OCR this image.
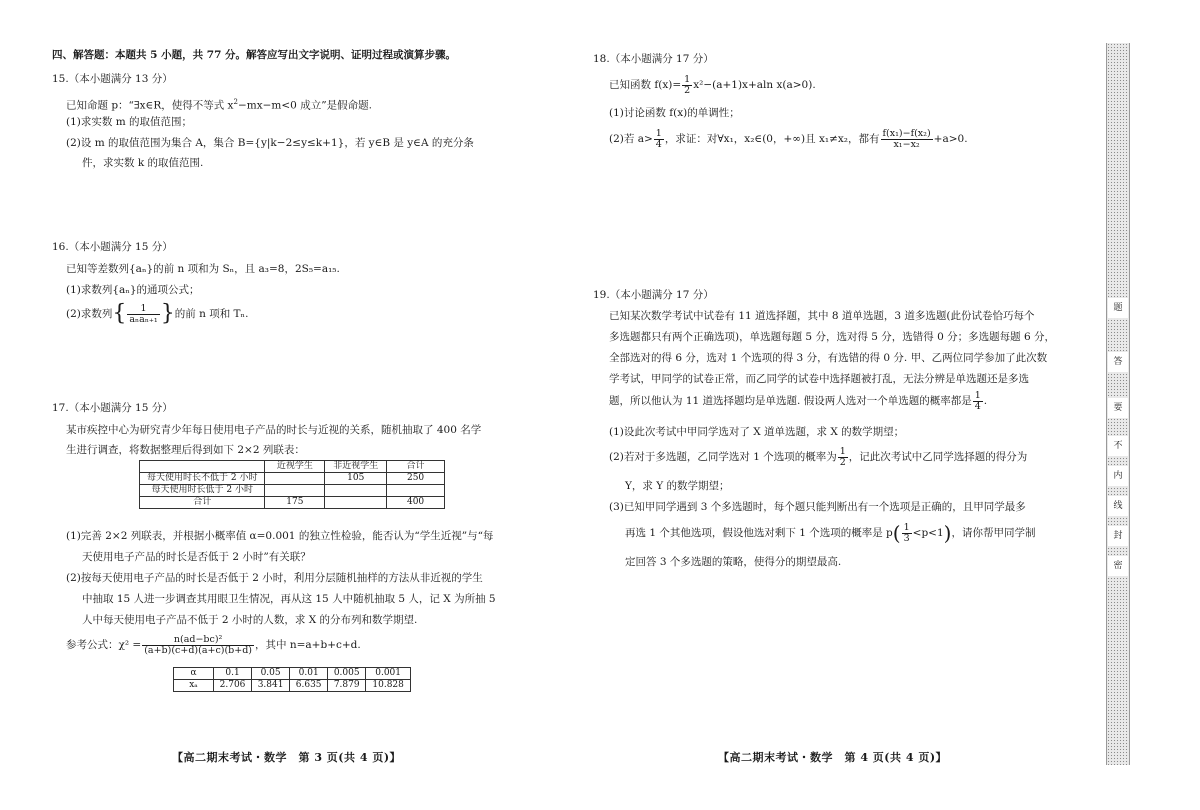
四、解答题：本题共 5 小题，共 77 分。解答应写出文字说明、证明过程或演算步骤。
15.（本小题满分 13 分）
已知命题 p：“∃x∈R，使得不等式 $x^2-mx-m<0$ 成立”是假命题.
(1)求实数 m 的取值范围；
(2)设 m 的取值范围为集合 A，集合 B={y|k−2≤y≤k+1}，若 y∈B 是 y∈A 的充分条
件，求实数 k 的取值范围.
16.（本小题满分 15 分）
已知等差数列{aₙ}的前 n 项和为 Sₙ，且 a₃=8，2S₅=a₁₅.
(1)求数列{aₙ}的通项公式；
(2)求数列{ $\frac{1}{\text{aₙaₙ₊₁}}$ }的前 n 项和 Tₙ.
17.（本小题满分 15 分）
某市疾控中心为研究青少年每日使用电子产品的时长与近视的关系，随机抽取了 400 名学
生进行调查，将数据整理后得到如下 2×2 列联表：
	近视学生	非近视学生	合计
每天使用时长不低于 2 小时		105	250
每天使用时长低于 2 小时			
合计	175		400
(1)完善 2×2 列联表，并根据小概率值 α=0.001 的独立性检验，能否认为“学生近视”与“每
天使用电子产品的时长是否低于 2 小时”有关联？
(2)按每天使用电子产品的时长是否低于 2 小时，利用分层随机抽样的方法从非近视的学生
中抽取 15 人进一步调查其用眼卫生情况，再从这 15 人中随机抽取 5 人，记 X 为所抽 5
人中每天使用电子产品不低于 2 小时的人数，求 X 的分布列和数学期望.
参考公式：$\chi^2 = \frac{\text{n(ad−bc)²}}{(a+b)(c+d)(a+c)(b+d)}$ ，其中 n=a+b+c+d.
α	0.1	0.05	0.01	0.005	0.001
xₐ	2.706	3.841	6.635	7.879	10.828
【高二期末考试・数学　第 3 页(共 4 页)】
18.（本小题满分 17 分）
已知函数 $f(x)= \frac{1}{2} x^2-(a+1)x+aln$ x(a>0).
(1)讨论函数 f(x)的单调性；
(2)若 $a> \frac{1}{4}$ ，求证：对∀x₁，x₂∈(0，+∞)且 x₁≠x₂，都有 $\frac{\text{f(x₁)−f(x₂)}}{\text{x₁−x₂}} +a>0$.
19.（本小题满分 17 分）
已知某次数学考试中试卷有 11 道选择题，其中 8 道单选题，3 道多选题(此份试卷恰巧每个
多选题都只有两个正确选项)，单选题每题 5 分，选对得 5 分，选错得 0 分；多选题每题 6 分，
全部选对的得 6 分，选对 1 个选项的得 3 分，有选错的得 0 分. 甲、乙两位同学参加了此次数
学考试，甲同学的试卷正常，而乙同学的试卷中选择题被打乱，无法分辨是单选题还是多选
题，所以他认为 11 道选择题均是单选题. 假设两人选对一个单选题的概率都是 $\frac{1}{4}$ .
(1)设此次考试中甲同学选对了 X 道单选题，求 X 的数学期望；
(2)若对于多选题，乙同学选对 1 个选项的概率为 $\frac{1}{2}$ ，记此次考试中乙同学选择题的得分为
Y，求 Y 的数学期望；
(3)已知甲同学遇到 3 个多选题时，每个题只能判断出有一个选项是正确的，且甲同学最多
再选 1 个其他选项，假设他选对剩下 1 个选项的概率是 $p( \frac{1}{3} <p<1)$，请你帮甲同学制
定回答 3 个多选题的策略，使得分的期望最高.
【高二期末考试・数学　第 4 页(共 4 页)】
题
答
要
不
内
线
封
密
